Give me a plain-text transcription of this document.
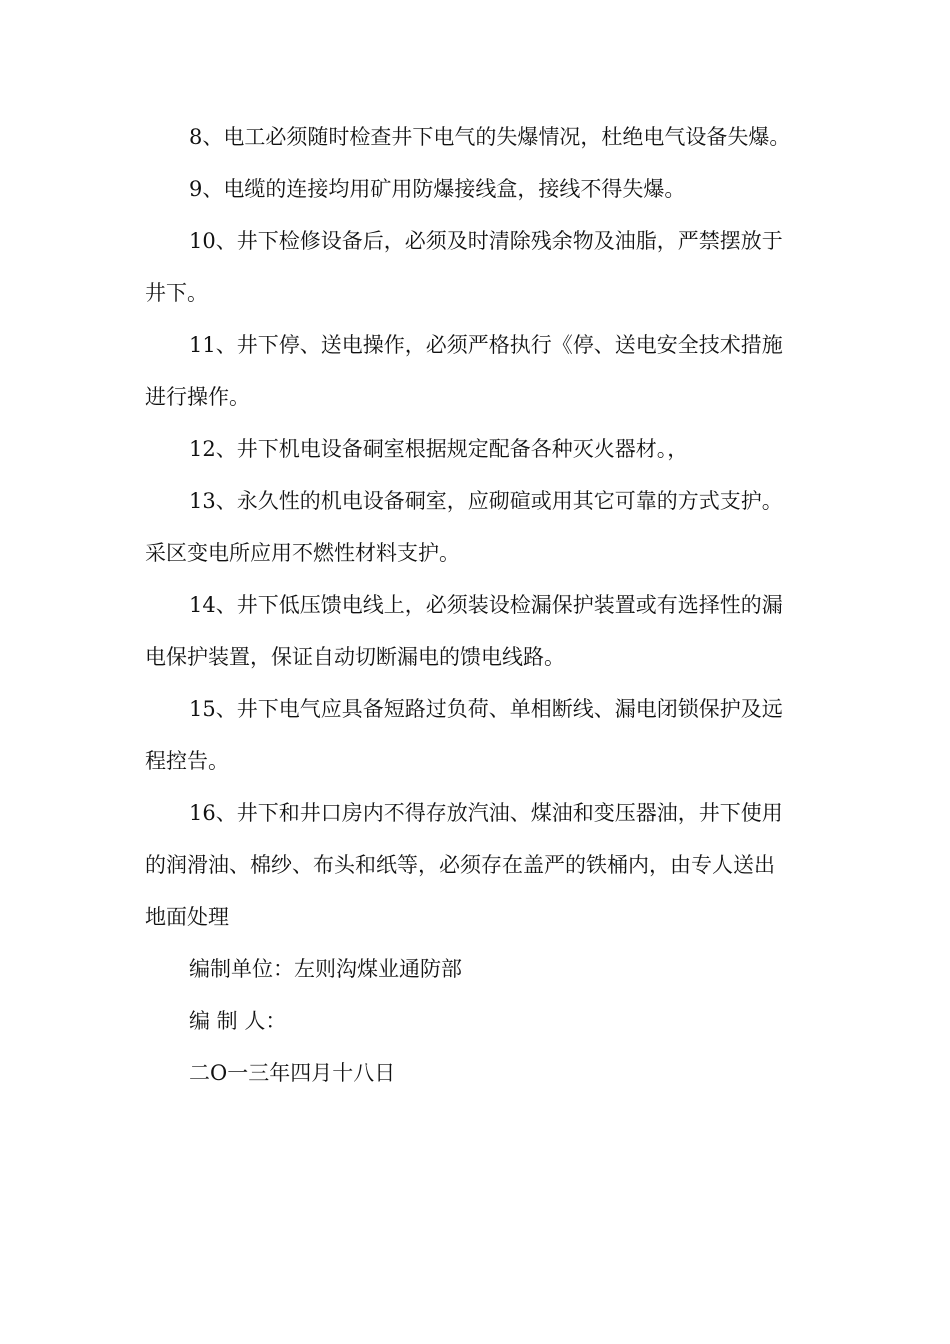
8、电工必须随时检查井下电气的失爆情况，杜绝电气设备失爆。

9、电缆的连接均用矿用防爆接线盒，接线不得失爆。

10、井下检修设备后，必须及时清除残余物及油脂，严禁摆放于井下。

11、井下停、送电操作，必须严格执行《停、送电安全技术措施进行操作。

12、井下机电设备硐室根据规定配备各种灭火器材。，

13、永久性的机电设备硐室，应砌碹或用其它可靠的方式支护。采区变电所应用不燃性材料支护。

14、井下低压馈电线上，必须装设检漏保护装置或有选择性的漏电保护装置，保证自动切断漏电的馈电线路。

15、井下电气应具备短路过负荷、单相断线、漏电闭锁保护及远程控告。

16、井下和井口房内不得存放汽油、煤油和变压器油，井下使用的润滑油、棉纱、布头和纸等，必须存在盖严的铁桶内，由专人送出地面处理

编制单位：左则沟煤业通防部

编 制 人：

二O一三年四月十八日
